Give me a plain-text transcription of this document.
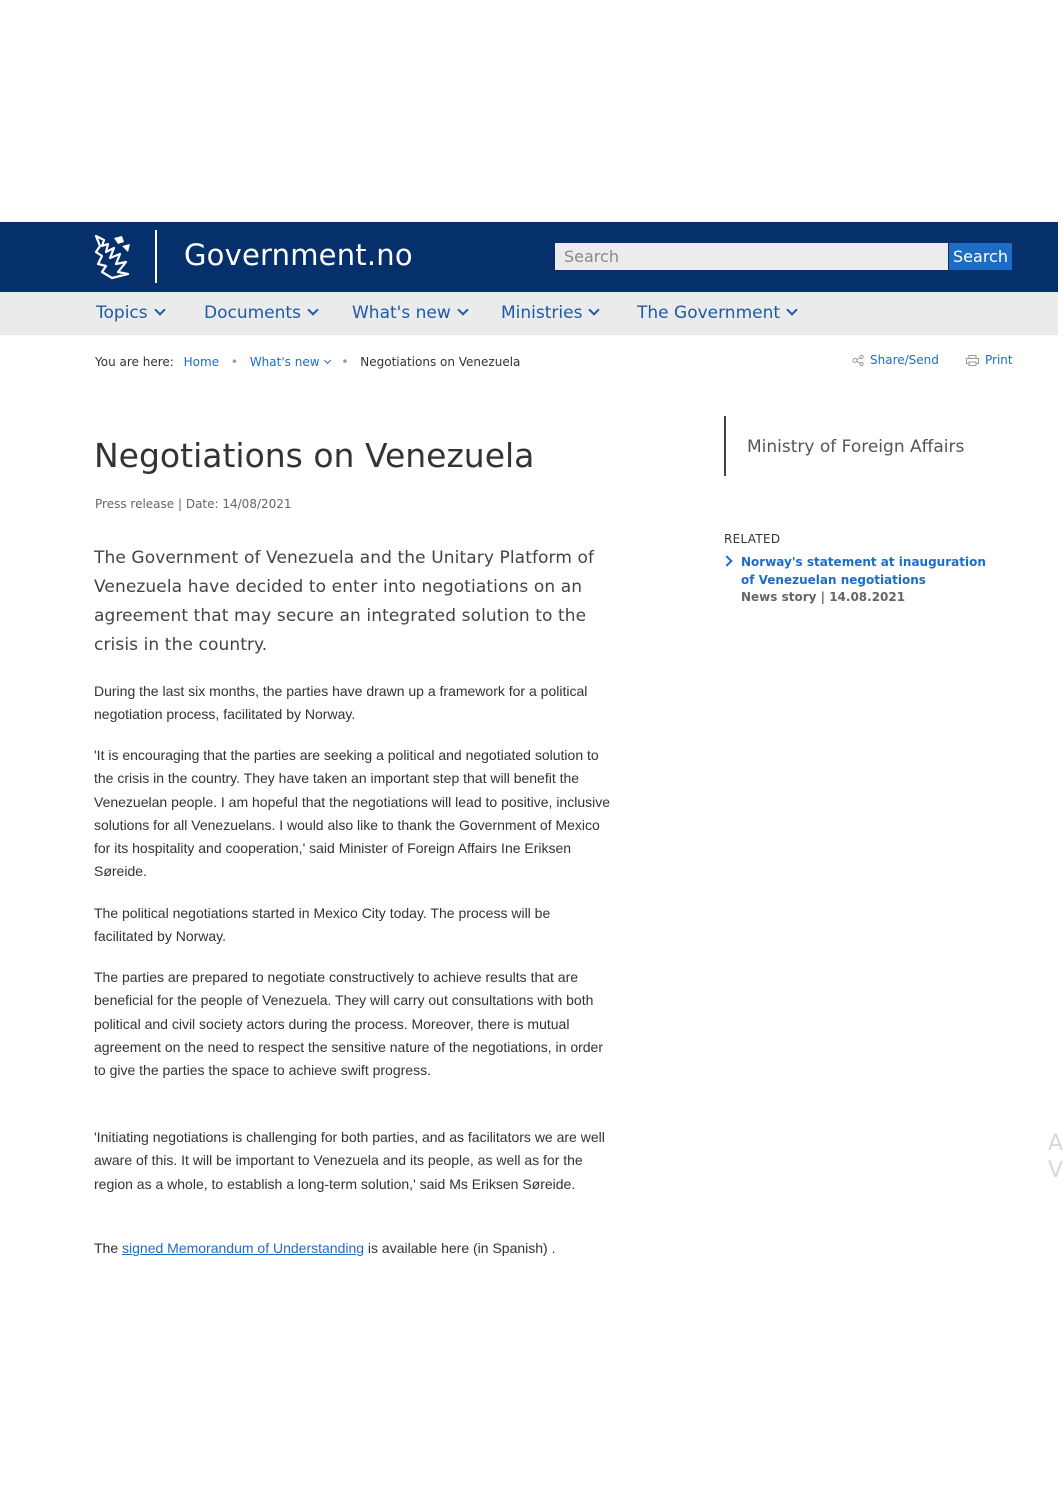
Government.no
Search	Search
Topics	Documents	What's new	Ministries	The Government
You are here: Home • What's new • Negotiations on Venezuela	Share/Send	Print
Negotiations on Venezuela
Press release | Date: 14/08/2021

The Government of Venezuela and the Unitary Platform of Venezuela have decided to enter into negotiations on an agreement that may secure an integrated solution to the crisis in the country.

During the last six months, the parties have drawn up a framework for a political negotiation process, facilitated by Norway.

'It is encouraging that the parties are seeking a political and negotiated solution to the crisis in the country. They have taken an important step that will benefit the Venezuelan people. I am hopeful that the negotiations will lead to positive, inclusive solutions for all Venezuelans. I would also like to thank the Government of Mexico for its hospitality and cooperation,' said Minister of Foreign Affairs Ine Eriksen Søreide.

The political negotiations started in Mexico City today. The process will be facilitated by Norway.

The parties are prepared to negotiate constructively to achieve results that are beneficial for the people of Venezuela. They will carry out consultations with both political and civil society actors during the process. Moreover, there is mutual agreement on the need to respect the sensitive nature of the negotiations, in order to give the parties the space to achieve swift progress.

'Initiating negotiations is challenging for both parties, and as facilitators we are well aware of this. It will be important to Venezuela and its people, as well as for the region as a whole, to establish a long-term solution,' said Ms Eriksen Søreide.

The signed Memorandum of Understanding is available here (in Spanish) .

Ministry of Foreign Affairs
RELATED
Norway's statement at inauguration of Venezuelan negotiations
News story | 14.08.2021
A
V
